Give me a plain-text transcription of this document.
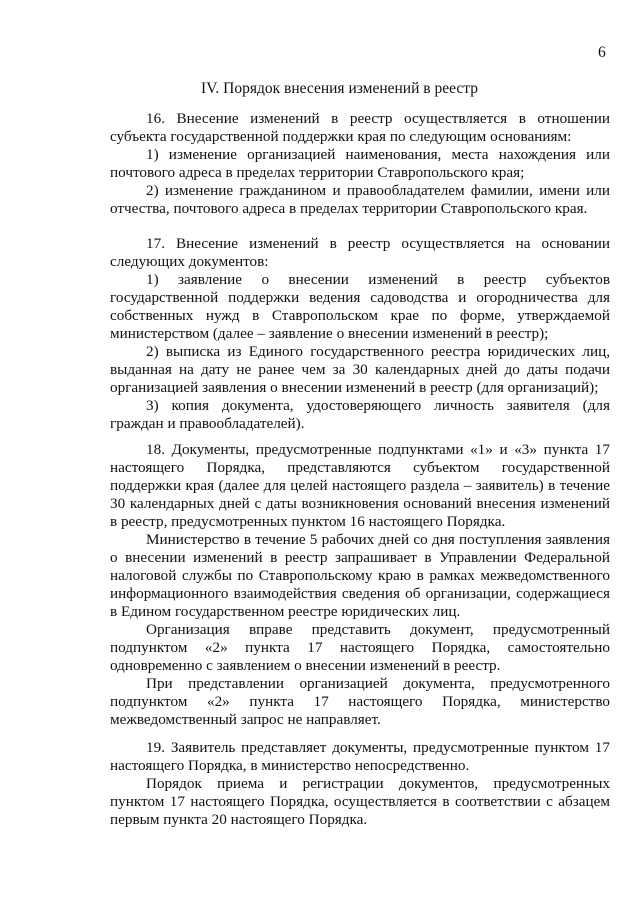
6
IV. Порядок внесения изменений в реестр

16. Внесение изменений в реестр осуществляется в отношении субъекта государственной поддержки края по следующим основаниям:

1) изменение организацией наименования, места нахождения или почтового адреса в пределах территории Ставропольского края;

2) изменение гражданином и правообладателем фамилии, имени или отчества, почтового адреса в пределах территории Ставропольского края.

17. Внесение изменений в реестр осуществляется на основании следующих документов:

1) заявление о внесении изменений в реестр субъектов государственной поддержки ведения садоводства и огородничества для собственных нужд в Ставропольском крае по форме, утверждаемой министерством (далее – заявление о внесении изменений в реестр);

2) выписка из Единого государственного реестра юридических лиц, выданная на дату не ранее чем за 30 календарных дней до даты подачи организацией заявления о внесении изменений в реестр (для организаций);

3) копия документа, удостоверяющего личность заявителя (для граждан и правообладателей).

18. Документы, предусмотренные подпунктами «1» и «3» пункта 17 настоящего Порядка, представляются субъектом государственной поддержки края (далее для целей настоящего раздела – заявитель) в течение 30 календарных дней с даты возникновения оснований внесения изменений в реестр, предусмотренных пунктом 16 настоящего Порядка.

Министерство в течение 5 рабочих дней со дня поступления заявления о внесении изменений в реестр запрашивает в Управлении Федеральной налоговой службы по Ставропольскому краю в рамках межведомственного информационного взаимодействия сведения об организации, содержащиеся в Едином государственном реестре юридических лиц.

Организация вправе представить документ, предусмотренный подпунктом «2» пункта 17 настоящего Порядка, самостоятельно одновременно с заявлением о внесении изменений в реестр.

При представлении организацией документа, предусмотренного подпунктом «2» пункта 17 настоящего Порядка, министерство межведомственный запрос не направляет.

19. Заявитель представляет документы, предусмотренные пунктом 17 настоящего Порядка, в министерство непосредственно.

Порядок приема и регистрации документов, предусмотренных пунктом 17 настоящего Порядка, осуществляется в соответствии с абзацем первым пункта 20 настоящего Порядка.
